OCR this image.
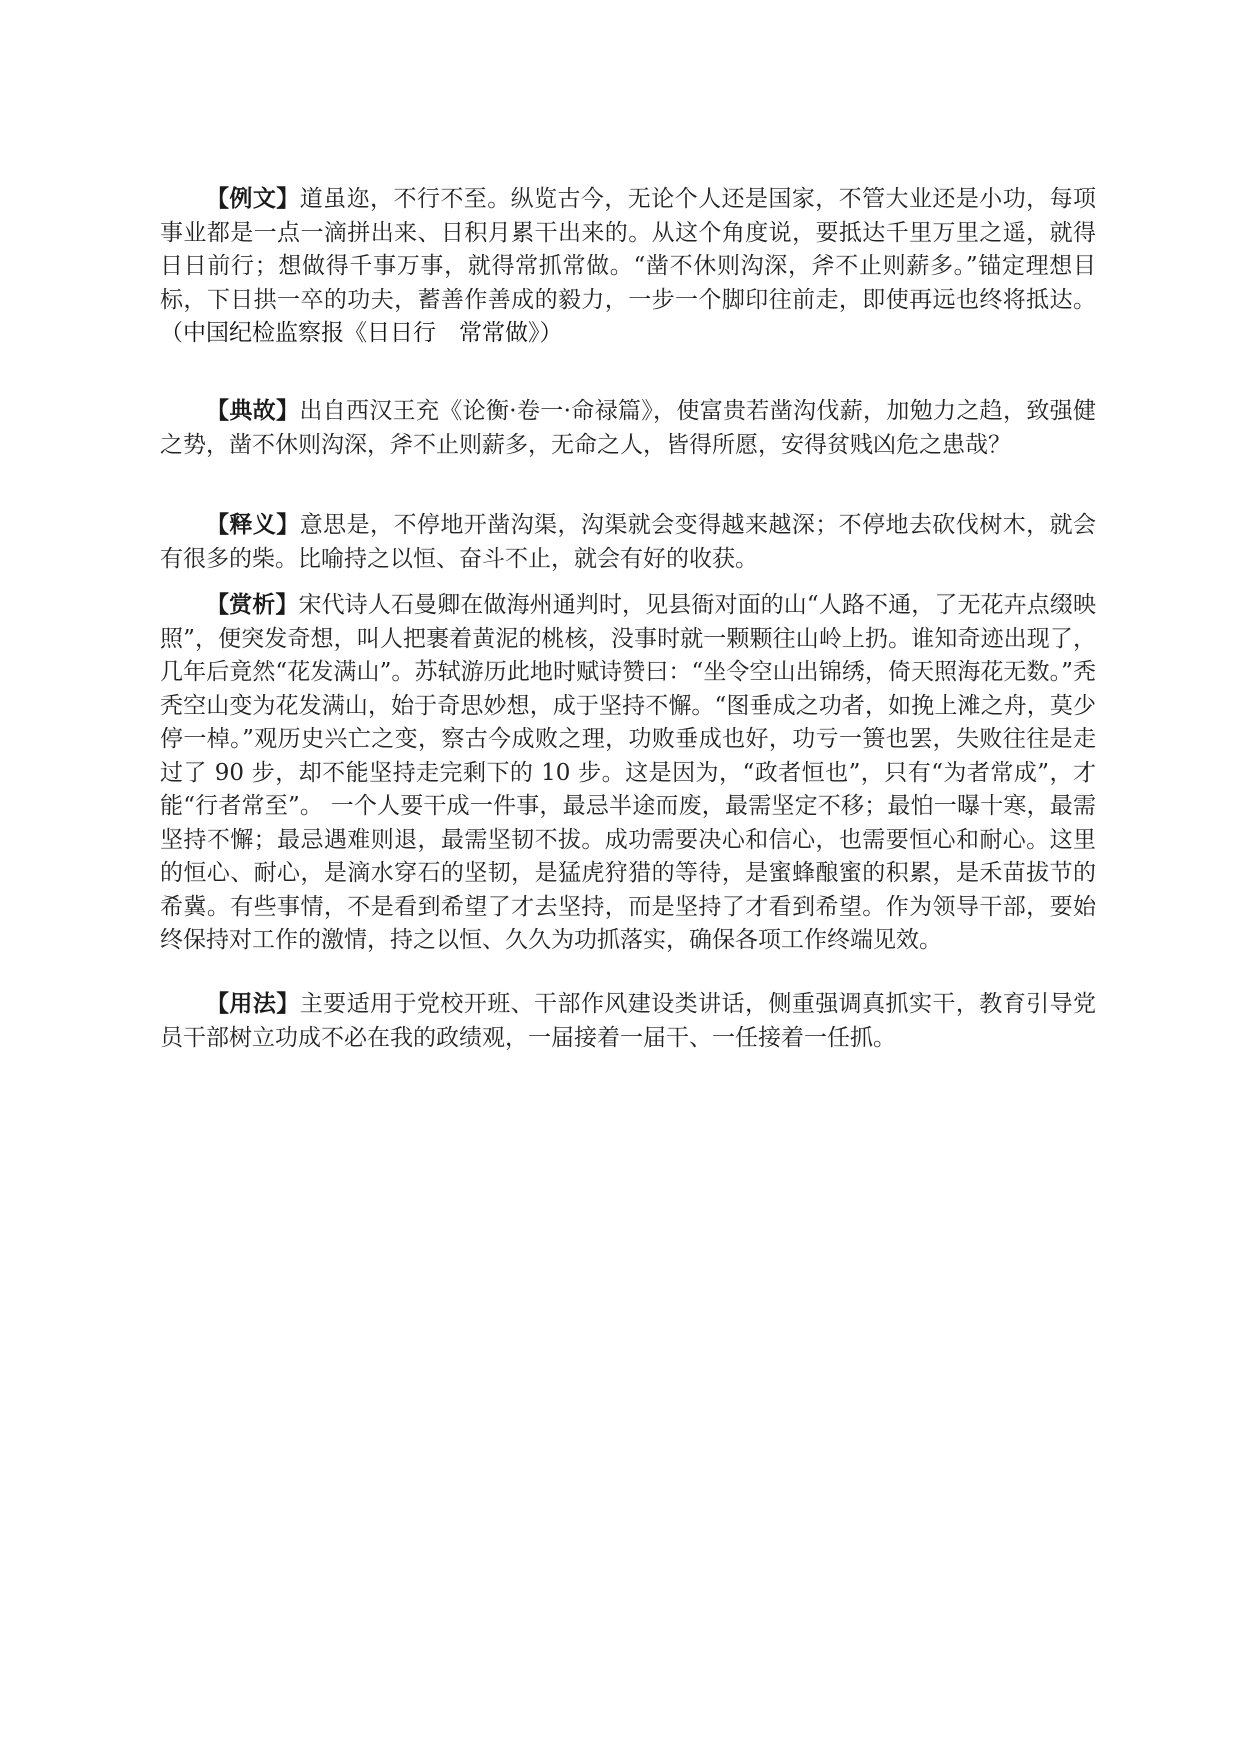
【例文】道虽迩，不行不至。纵览古今，无论个人还是国家，不管大业还是小功，每项事业都是一点一滴拼出来、日积月累干出来的。从这个角度说，要抵达千里万里之遥，就得日日前行；想做得千事万事，就得常抓常做。“凿不休则沟深，斧不止则薪多。”锚定理想目标，下日拱一卒的功夫，蓄善作善成的毅力，一步一个脚印往前走，即使再远也终将抵达。（中国纪检监察报《日日行　常常做》）

【典故】出自西汉王充《论衡·卷一·命禄篇》，使富贵若凿沟伐薪，加勉力之趋，致强健之势，凿不休则沟深，斧不止则薪多，无命之人，皆得所愿，安得贫贱凶危之患哉？

【释义】意思是，不停地开凿沟渠，沟渠就会变得越来越深；不停地去砍伐树木，就会有很多的柴。比喻持之以恒、奋斗不止，就会有好的收获。

【赏析】宋代诗人石曼卿在做海州通判时，见县衙对面的山“人路不通，了无花卉点缀映照”，便突发奇想，叫人把裹着黄泥的桃核，没事时就一颗颗往山岭上扔。谁知奇迹出现了，几年后竟然“花发满山”。苏轼游历此地时赋诗赞曰：“坐令空山出锦绣，倚天照海花无数。”秃秃空山变为花发满山，始于奇思妙想，成于坚持不懈。“图垂成之功者，如挽上滩之舟，莫少停一棹。”观历史兴亡之变，察古今成败之理，功败垂成也好，功亏一篑也罢，失败往往是走过了 90 步，却不能坚持走完剩下的 10 步。这是因为，“政者恒也”，只有“为者常成”，才能“行者常至”。 一个人要干成一件事，最忌半途而废，最需坚定不移；最怕一曝十寒，最需坚持不懈；最忌遇难则退，最需坚韧不拔。成功需要决心和信心，也需要恒心和耐心。这里的恒心、耐心，是滴水穿石的坚韧，是猛虎狩猎的等待，是蜜蜂酿蜜的积累，是禾苗拔节的希冀。有些事情，不是看到希望了才去坚持，而是坚持了才看到希望。作为领导干部，要始终保持对工作的激情，持之以恒、久久为功抓落实，确保各项工作终端见效。

【用法】主要适用于党校开班、干部作风建设类讲话，侧重强调真抓实干，教育引导党员干部树立功成不必在我的政绩观，一届接着一届干、一任接着一任抓。
